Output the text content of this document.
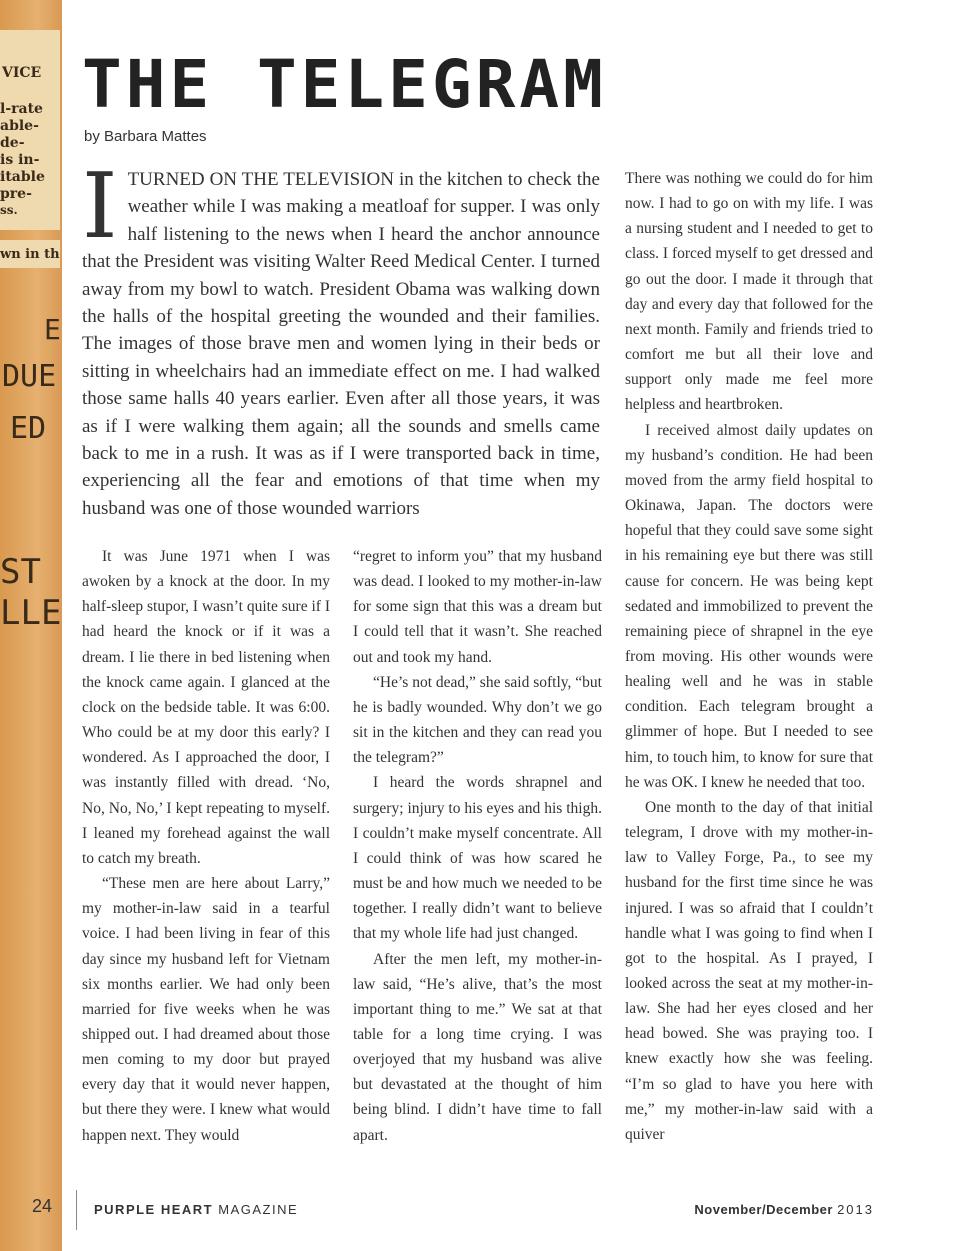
VICE
l-rate
able-
de-
is in-
itable
pre-
ss.
wn in th
E
DUE
ED
ST
LLE
THE TELEGRAM
by Barbara Mattes

ITURNED ON THE TELEVISION in the kitchen to check the weather while I was making a meatloaf for supper. I was only half listening to the news when I heard the anchor announce that the President was visiting Walter Reed Medical Center. I turned away from my bowl to watch. President Obama was walking down the halls of the hospital greeting the wounded and their families. The images of those brave men and women lying in their beds or sitting in wheelchairs had an immediate effect on me. I had walked those same halls 40 years earlier. Even after all those years, it was as if I were walking them again; all the sounds and smells came back to me in a rush. It was as if I were transported back in time, experiencing all the fear and emotions of that time when my husband was one of those wounded warriors

It was June 1971 when I was awoken by a knock at the door. In my half-sleep stupor, I wasn’t quite sure if I had heard the knock or if it was a dream. I lie there in bed listening when the knock came again. I glanced at the clock on the bedside table. It was 6:00. Who could be at my door this early? I wondered. As I approached the door, I was instantly filled with dread. ‘No, No, No, No,’ I kept repeating to myself. I leaned my forehead against the wall to catch my breath.

“These men are here about Larry,” my mother-in-law said in a tearful voice. I had been living in fear of this day since my husband left for Vietnam six months earlier. We had only been married for five weeks when he was shipped out. I had dreamed about those men coming to my door but prayed every day that it would never happen, but there they were. I knew what would happen next. They would

“regret to inform you” that my husband was dead. I looked to my mother-in-law for some sign that this was a dream but I could tell that it wasn’t. She reached out and took my hand.

“He’s not dead,” she said softly, “but he is badly wounded. Why don’t we go sit in the kitchen and they can read you the telegram?”

I heard the words shrapnel and surgery; injury to his eyes and his thigh. I couldn’t make myself concentrate. All I could think of was how scared he must be and how much we needed to be together. I really didn’t want to believe that my whole life had just changed.

After the men left, my mother-in-law said, “He’s alive, that’s the most important thing to me.” We sat at that table for a long time crying. I was overjoyed that my husband was alive but devastated at the thought of him being blind. I didn’t have time to fall apart.

There was nothing we could do for him now. I had to go on with my life. I was a nursing student and I needed to get to class. I forced myself to get dressed and go out the door. I made it through that day and every day that followed for the next month. Family and friends tried to comfort me but all their love and support only made me feel more helpless and heartbroken.

I received almost daily updates on my husband’s condition. He had been moved from the army field hospital to Okinawa, Japan. The doctors were hopeful that they could save some sight in his remaining eye but there was still cause for concern. He was being kept sedated and immobilized to prevent the remaining piece of shrapnel in the eye from moving. His other wounds were healing well and he was in stable condition. Each telegram brought a glimmer of hope. But I needed to see him, to touch him, to know for sure that he was OK. I knew he needed that too.

One month to the day of that initial telegram, I drove with my mother-in-law to Valley Forge, Pa., to see my husband for the first time since he was injured. I was so afraid that I couldn’t handle what I was going to find when I got to the hospital. As I prayed, I looked across the seat at my mother-in-law. She had her eyes closed and her head bowed. She was praying too. I knew exactly how she was feeling. “I’m so glad to have you here with me,” my mother-in-law said with a quiver

24	PURPLE HEART MAGAZINE	November/December 2013
